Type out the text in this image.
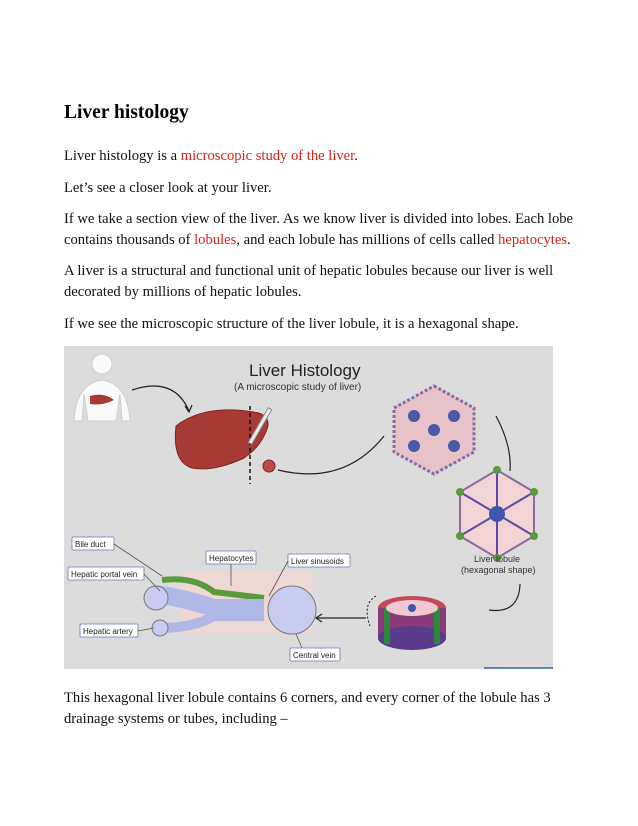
Liver histology

Liver histology is a microscopic study of the liver.

Let’s see a closer look at your liver.

If we take a section view of the liver. As we know liver is divided into lobes. Each lobe contains thousands of lobules, and each lobule has millions of cells called hepatocytes.

A liver is a structural and functional unit of hepatic lobules because our liver is well decorated by millions of hepatic lobules.

If we see the microscopic structure of the liver lobule, it is a hexagonal shape.

This hexagonal liver lobule contains 6 corners, and every corner of the lobule has 3 drainage systems or tubes, including –

Liver Histology
(A microscopic study of liver)
Liver lobule
(hexagonal shape)
Bile duct
Hepatic portal vein
Hepatic artery
Hepatocytes	Liver sinusoids
Central vein
